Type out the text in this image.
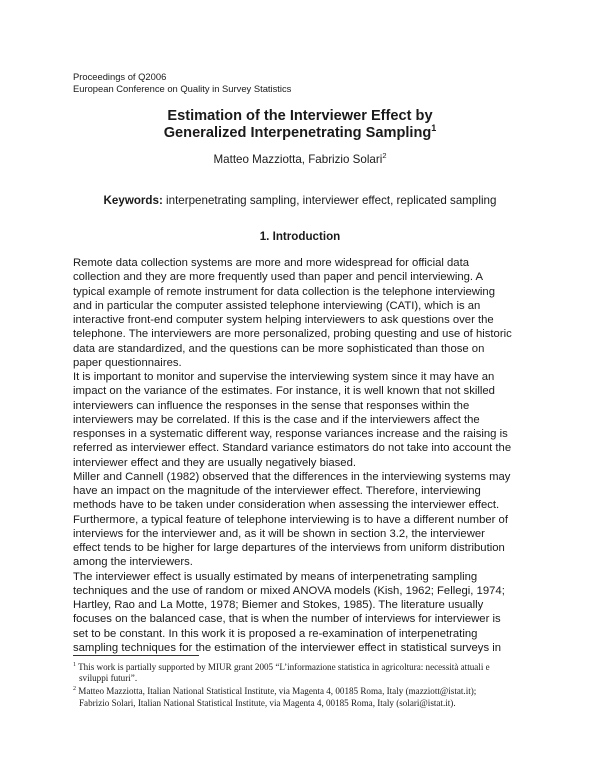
Proceedings of Q2006
European Conference on Quality in Survey Statistics
Estimation of the Interviewer Effect by
Generalized Interpenetrating Sampling$^1$
Matteo Mazziotta, Fabrizio Solari$^2$
Keywords: interpenetrating sampling, interviewer effect, replicated sampling
1. Introduction
Remote data collection systems are more and more widespread for official data
collection and they are more frequently used than paper and pencil interviewing. A
typical example of remote instrument for data collection is the telephone interviewing
and in particular the computer assisted telephone interviewing (CATI), which is an
interactive front-end computer system helping interviewers to ask questions over the
telephone. The interviewers are more personalized, probing questing and use of historic
data are standardized, and the questions can be more sophisticated than those on
paper questionnaires.
It is important to monitor and supervise the interviewing system since it may have an
impact on the variance of the estimates. For instance, it is well known that not skilled
interviewers can influence the responses in the sense that responses within the
interviewers may be correlated. If this is the case and if the interviewers affect the
responses in a systematic different way, response variances increase and the raising is
referred as interviewer effect. Standard variance estimators do not take into account the
interviewer effect and they are usually negatively biased.
Miller and Cannell (1982) observed that the differences in the interviewing systems may
have an impact on the magnitude of the interviewer effect. Therefore, interviewing
methods have to be taken under consideration when assessing the interviewer effect.
Furthermore, a typical feature of telephone interviewing is to have a different number of
interviews for the interviewer and, as it will be shown in section 3.2, the interviewer
effect tends to be higher for large departures of the interviews from uniform distribution
among the interviewers.
The interviewer effect is usually estimated by means of interpenetrating sampling
techniques and the use of random or mixed ANOVA models (Kish, 1962; Fellegi, 1974;
Hartley, Rao and La Motte, 1978; Biemer and Stokes, 1985). The literature usually
focuses on the balanced case, that is when the number of interviews for interviewer is
set to be constant. In this work it is proposed a re-examination of interpenetrating
sampling techniques for the estimation of the interviewer effect in statistical surveys in
$^1$ This work is partially supported by MIUR grant 2005 “L’informazione statistica in agricoltura: necessità attuali e
sviluppi futuri”.
$^2$ Matteo Mazziotta, Italian National Statistical Institute, via Magenta 4, 00185 Roma, Italy (mazziott@istat.it);
Fabrizio Solari, Italian National Statistical Institute, via Magenta 4, 00185 Roma, Italy (solari@istat.it).
